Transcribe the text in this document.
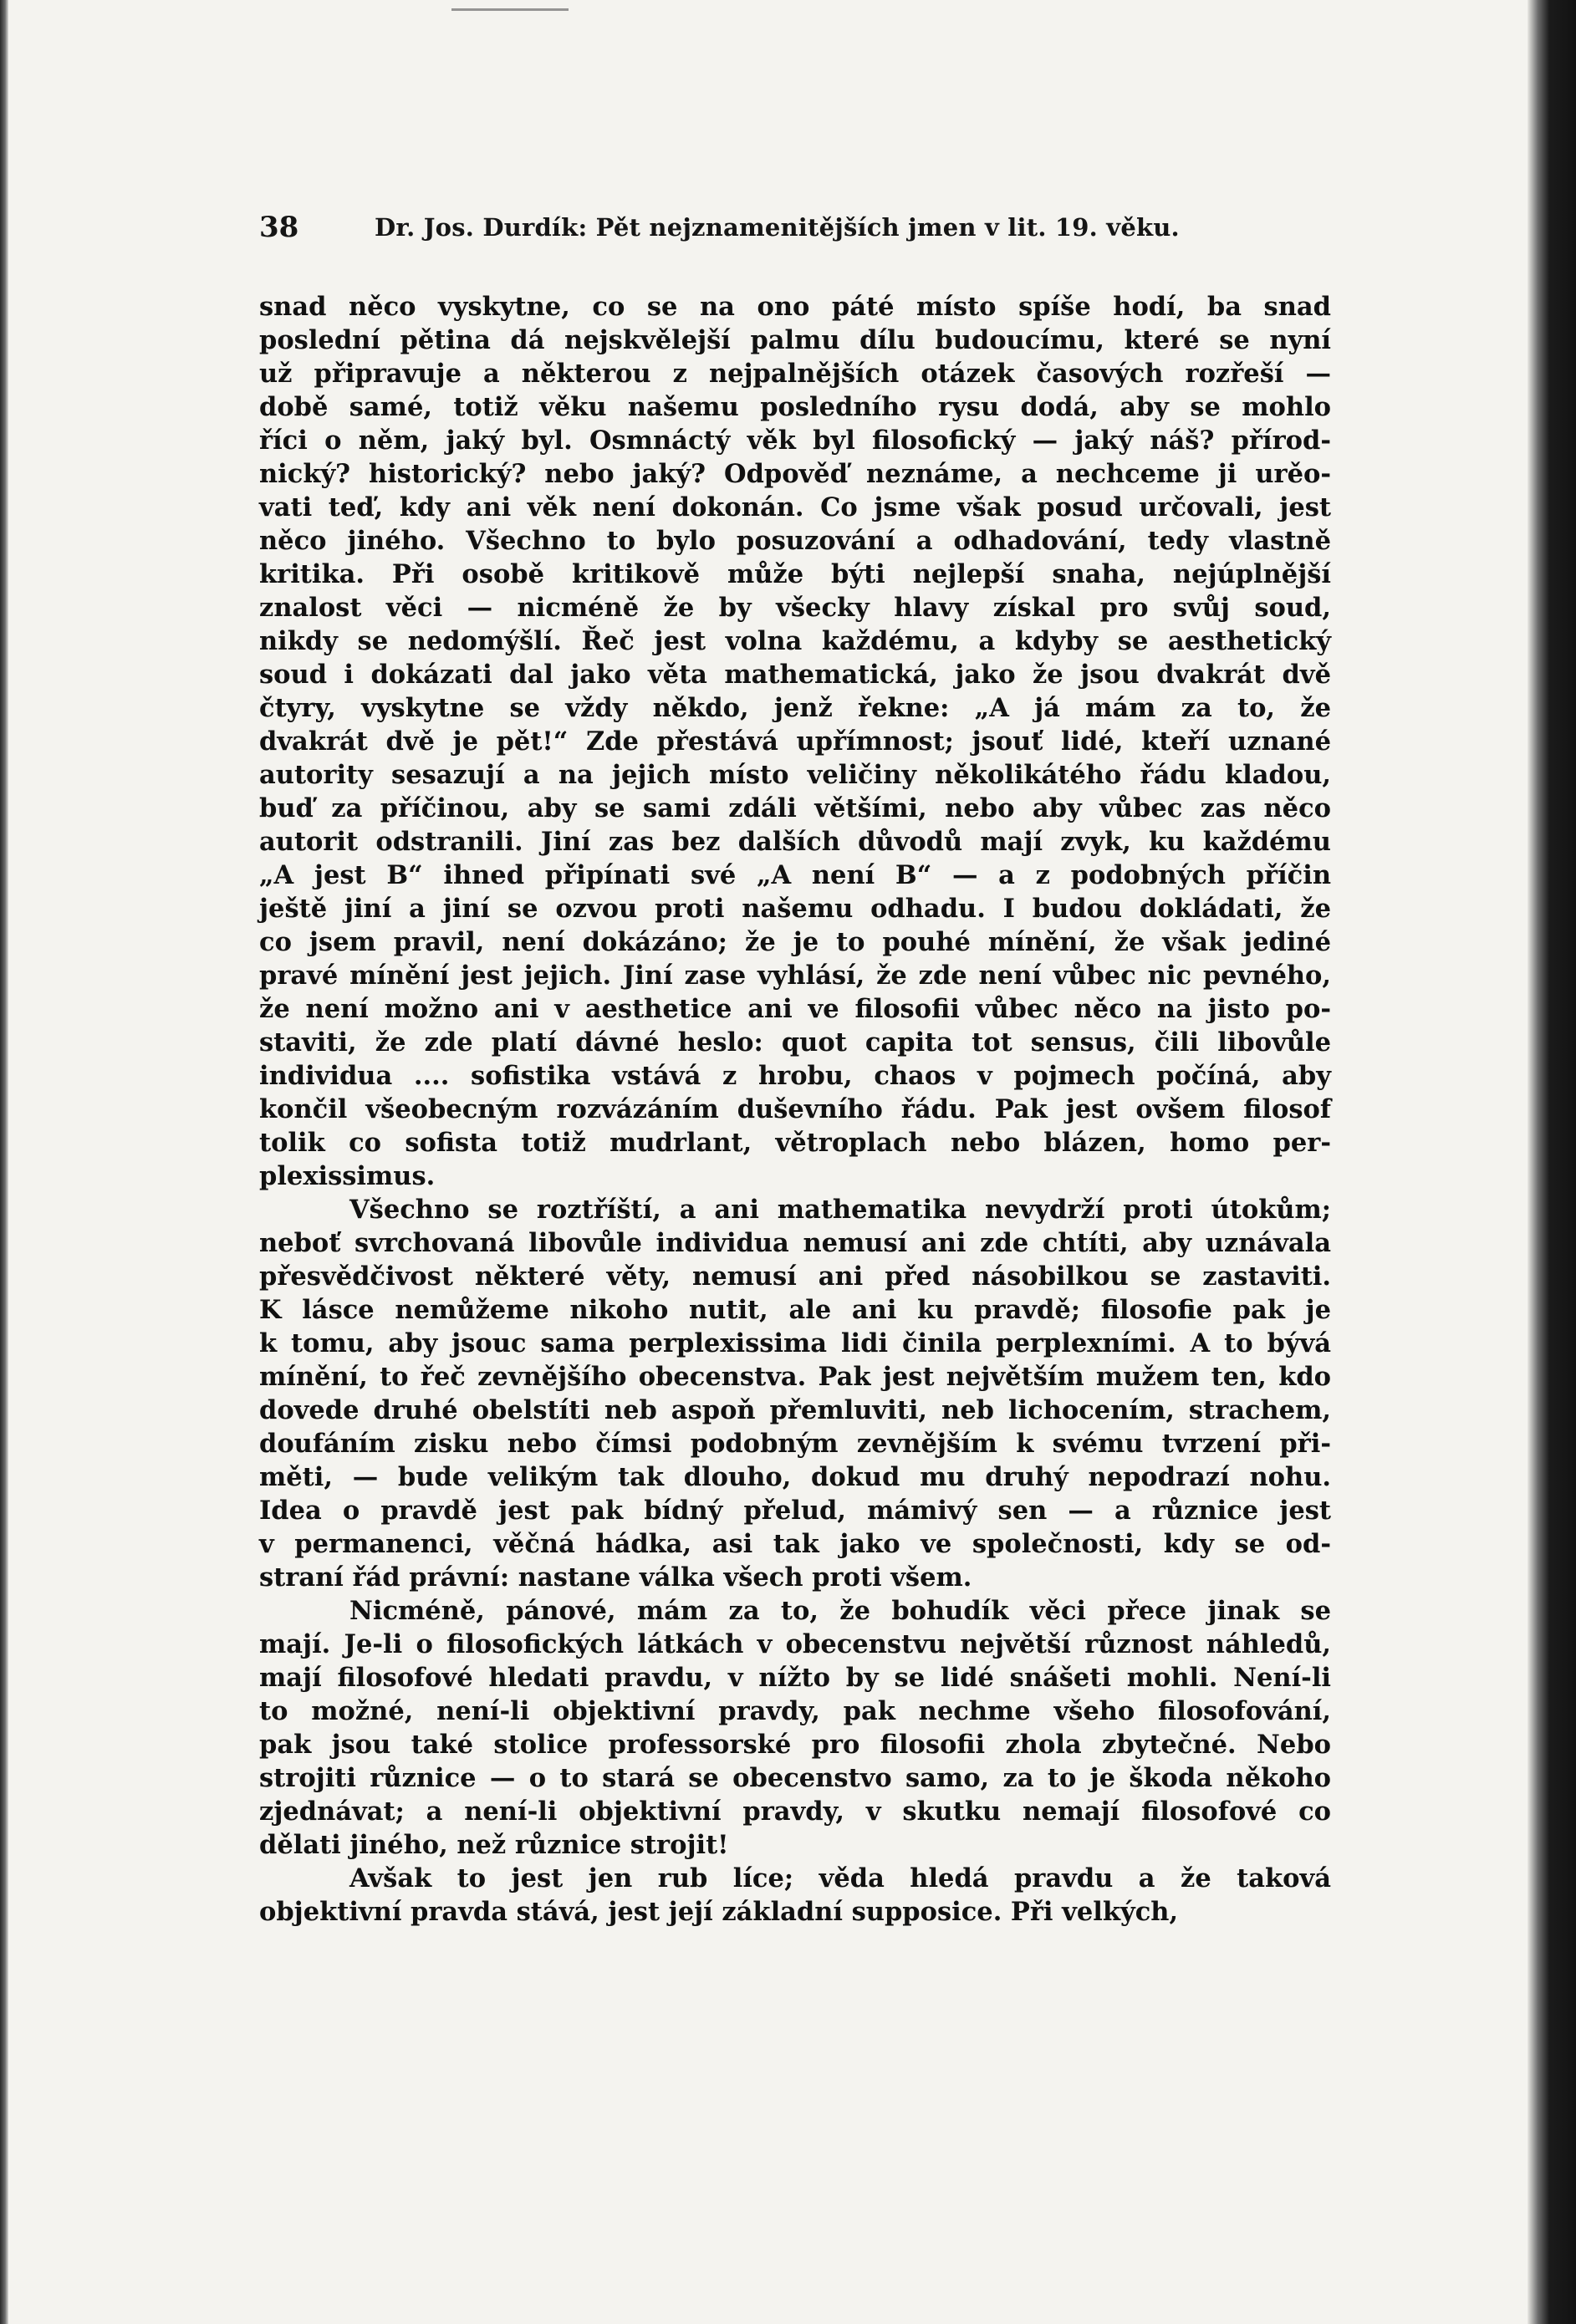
38	Dr. Jos. Durdík: Pět nejznamenitějších jmen v lit. 19. věku.
snad něco vyskytne, co se na ono páté místo spíše hodí, ba snad
poslední pětina dá nejskvělejší palmu dílu budoucímu, které se nyní
už připravuje a některou z nejpalnějších otázek časových rozřeší —
době samé, totiž věku našemu posledního rysu dodá, aby se mohlo
říci o něm, jaký byl. Osmnáctý věk byl filosofický — jaký náš? přírod-
nický? historický? nebo jaký? Odpověď neznáme, a nechceme ji urěo-
vati teď, kdy ani věk není dokonán. Co jsme však posud určovali, jest
něco jiného. Všechno to bylo posuzování a odhadování, tedy vlastně
kritika. Při osobě kritikově může býti nejlepší snaha, nejúplnější
znalost věci — nicméně že by všecky hlavy získal pro svůj soud,
nikdy se nedomýšlí. Řeč jest volna každému, a kdyby se aesthetický
soud i dokázati dal jako věta mathematická, jako že jsou dvakrát dvě
čtyry, vyskytne se vždy někdo, jenž řekne: „A já mám za to, že
dvakrát dvě je pět!“ Zde přestává upřímnost; jsouť lidé, kteří uznané
autority sesazují a na jejich místo veličiny několikátého řádu kladou,
buď za příčinou, aby se sami zdáli většími, nebo aby vůbec zas něco
autorit odstranili. Jiní zas bez dalších důvodů mají zvyk, ku každému
„A jest B“ ihned připínati své „A není B“ — a z podobných příčin
ještě jiní a jiní se ozvou proti našemu odhadu. I budou dokládati, že
co jsem pravil, není dokázáno; že je to pouhé mínění, že však jediné
pravé mínění jest jejich. Jiní zase vyhlásí, že zde není vůbec nic pevného,
že není možno ani v aesthetice ani ve filosofii vůbec něco na jisto po-
staviti, že zde platí dávné heslo: quot capita tot sensus, čili libovůle
individua .... sofistika vstává z hrobu, chaos v pojmech počíná, aby
končil všeobecným rozvázáním duševního řádu. Pak jest ovšem filosof
tolik co sofista totiž mudrlant, větroplach nebo blázen, homo per-
plexissimus.
Všechno se roztříští, a ani mathematika nevydrží proti útokům;
neboť svrchovaná libovůle individua nemusí ani zde chtíti, aby uznávala
přesvědčivost některé věty, nemusí ani před násobilkou se zastaviti.
K lásce nemůžeme nikoho nutit, ale ani ku pravdě; filosofie pak je
k tomu, aby jsouc sama perplexissima lidi činila perplexními. A to bývá
mínění, to řeč zevnějšího obecenstva. Pak jest největším mužem ten, kdo
dovede druhé obelstíti neb aspoň přemluviti, neb lichocením, strachem,
doufáním zisku nebo čímsi podobným zevnějším k svému tvrzení při-
měti, — bude velikým tak dlouho, dokud mu druhý nepodrazí nohu.
Idea o pravdě jest pak bídný přelud, mámivý sen — a různice jest
v permanenci, věčná hádka, asi tak jako ve společnosti, kdy se od-
straní řád právní: nastane válka všech proti všem.
Nicméně, pánové, mám za to, že bohudík věci přece jinak se
mají. Je-li o filosofických látkách v obecenstvu největší různost náhledů,
mají filosofové hledati pravdu, v nížto by se lidé snášeti mohli. Není-li
to možné, není-li objektivní pravdy, pak nechme všeho filosofování,
pak jsou také stolice professorské pro filosofii zhola zbytečné. Nebo
strojiti různice — o to stará se obecenstvo samo, za to je škoda někoho
zjednávat; a není-li objektivní pravdy, v skutku nemají filosofové co
dělati jiného, než různice strojit!
Avšak to jest jen rub líce; věda hledá pravdu a že taková
objektivní pravda stává, jest její základní supposice. Při velkých,
